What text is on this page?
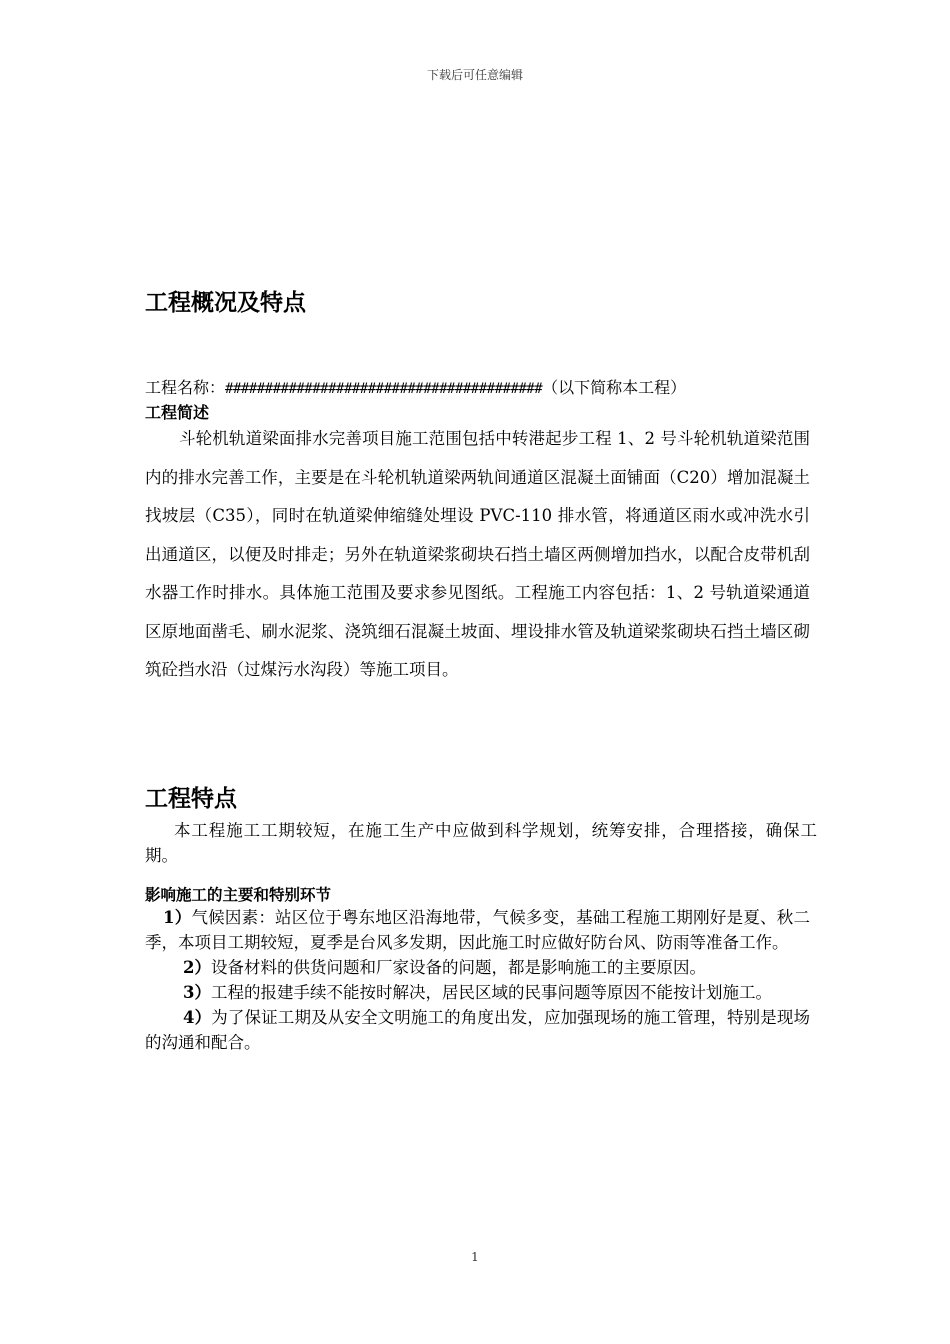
下载后可任意编辑
工程概况及特点
工程名称：########################################（以下简称本工程）
工程简述
斗轮机轨道梁面排水完善项目施工范围包括中转港起步工程 1、2 号斗轮机轨道梁范围内的排水完善工作，主要是在斗轮机轨道梁两轨间通道区混凝土面铺面（C20）增加混凝土找坡层（C35），同时在轨道梁伸缩缝处埋设 PVC-110 排水管，将通道区雨水或冲洗水引出通道区，以便及时排走；另外在轨道梁浆砌块石挡土墙区两侧增加挡水，以配合皮带机刮水器工作时排水。具体施工范围及要求参见图纸。工程施工内容包括：1、2 号轨道梁通道区原地面凿毛、刷水泥浆、浇筑细石混凝土坡面、埋设排水管及轨道梁浆砌块石挡土墙区砌筑砼挡水沿（过煤污水沟段）等施工项目。
工程特点
本工程施工工期较短，在施工生产中应做到科学规划，统筹安排，合理搭接，确保工期。
影响施工的主要和特别环节

1）气候因素：站区位于粤东地区沿海地带，气候多变，基础工程施工期刚好是夏、秋二季，本项目工期较短，夏季是台风多发期，因此施工时应做好防台风、防雨等准备工作。

2）设备材料的供货问题和厂家设备的问题，都是影响施工的主要原因。

3）工程的报建手续不能按时解决，居民区域的民事问题等原因不能按计划施工。

4）为了保证工期及从安全文明施工的角度出发，应加强现场的施工管理，特别是现场的沟通和配合。

1
